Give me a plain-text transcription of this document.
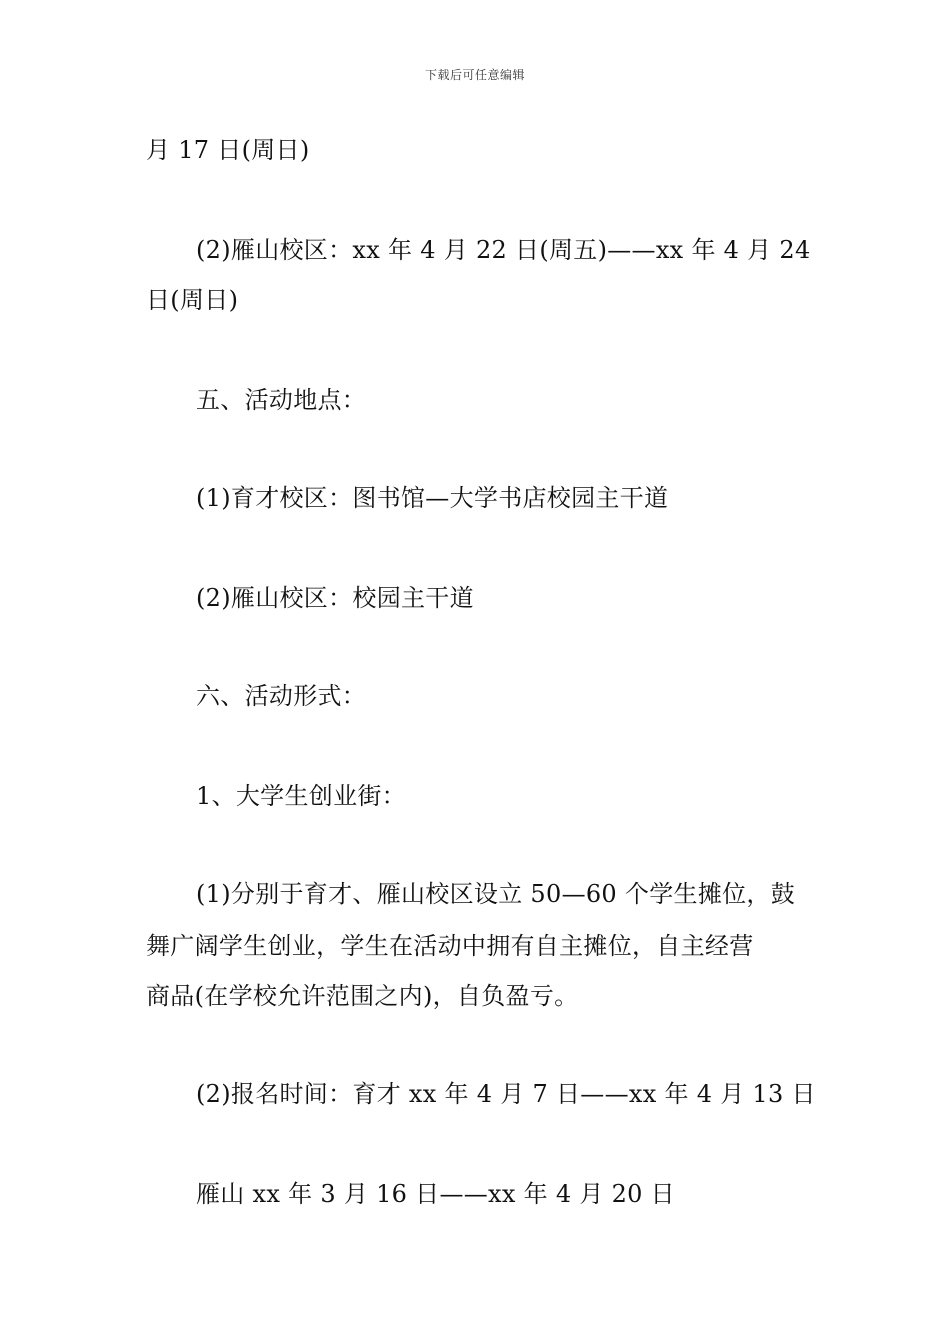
下载后可任意编辑
月 17 日(周日)
(2)雁山校区：xx 年 4 月 22 日(周五)——xx 年 4 月 24
日(周日)
五、活动地点：
(1)育才校区：图书馆—大学书店校园主干道
(2)雁山校区：校园主干道
六、活动形式：
1、大学生创业街：
(1)分别于育才、雁山校区设立 50—60 个学生摊位，鼓
舞广阔学生创业，学生在活动中拥有自主摊位，自主经营
商品(在学校允许范围之内)，自负盈亏。
(2)报名时间：育才 xx 年 4 月 7 日——xx 年 4 月 13 日
雁山 xx 年 3 月 16 日——xx 年 4 月 20 日
